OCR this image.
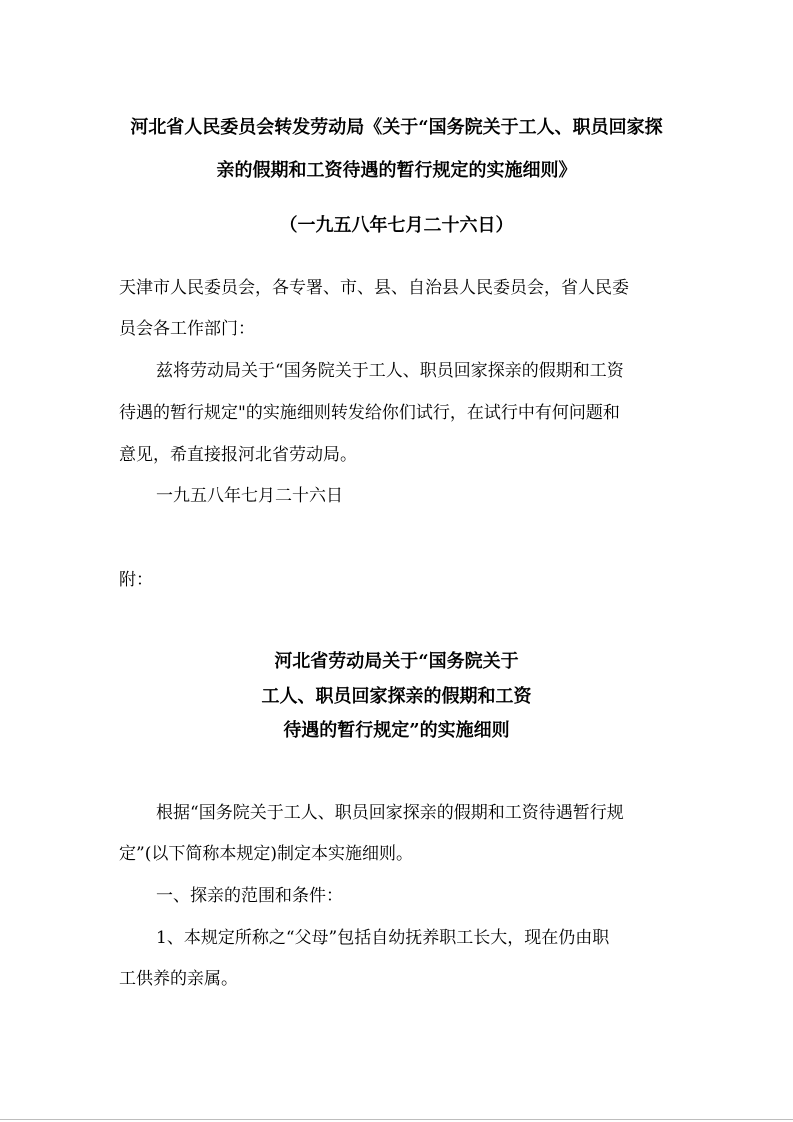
河北省人民委员会转发劳动局《关于“国务院关于工人、职员回家探
亲的假期和工资待遇的暂行规定的实施细则》
（一九五八年七月二十六日）
天津市人民委员会，各专署、市、县、自治县人民委员会，省人民委
员会各工作部门：
兹将劳动局关于“国务院关于工人、职员回家探亲的假期和工资
待遇的暂行规定"的实施细则转发给你们试行，在试行中有何问题和
意见，希直接报河北省劳动局。
一九五八年七月二十六日
附：
河北省劳动局关于“国务院关于
工人、职员回家探亲的假期和工资
待遇的暂行规定”的实施细则
根据“国务院关于工人、职员回家探亲的假期和工资待遇暂行规
定”(以下简称本规定)制定本实施细则。
一、探亲的范围和条件：
1、本规定所称之“父母”包括自幼抚养职工长大，现在仍由职
工供养的亲属。
